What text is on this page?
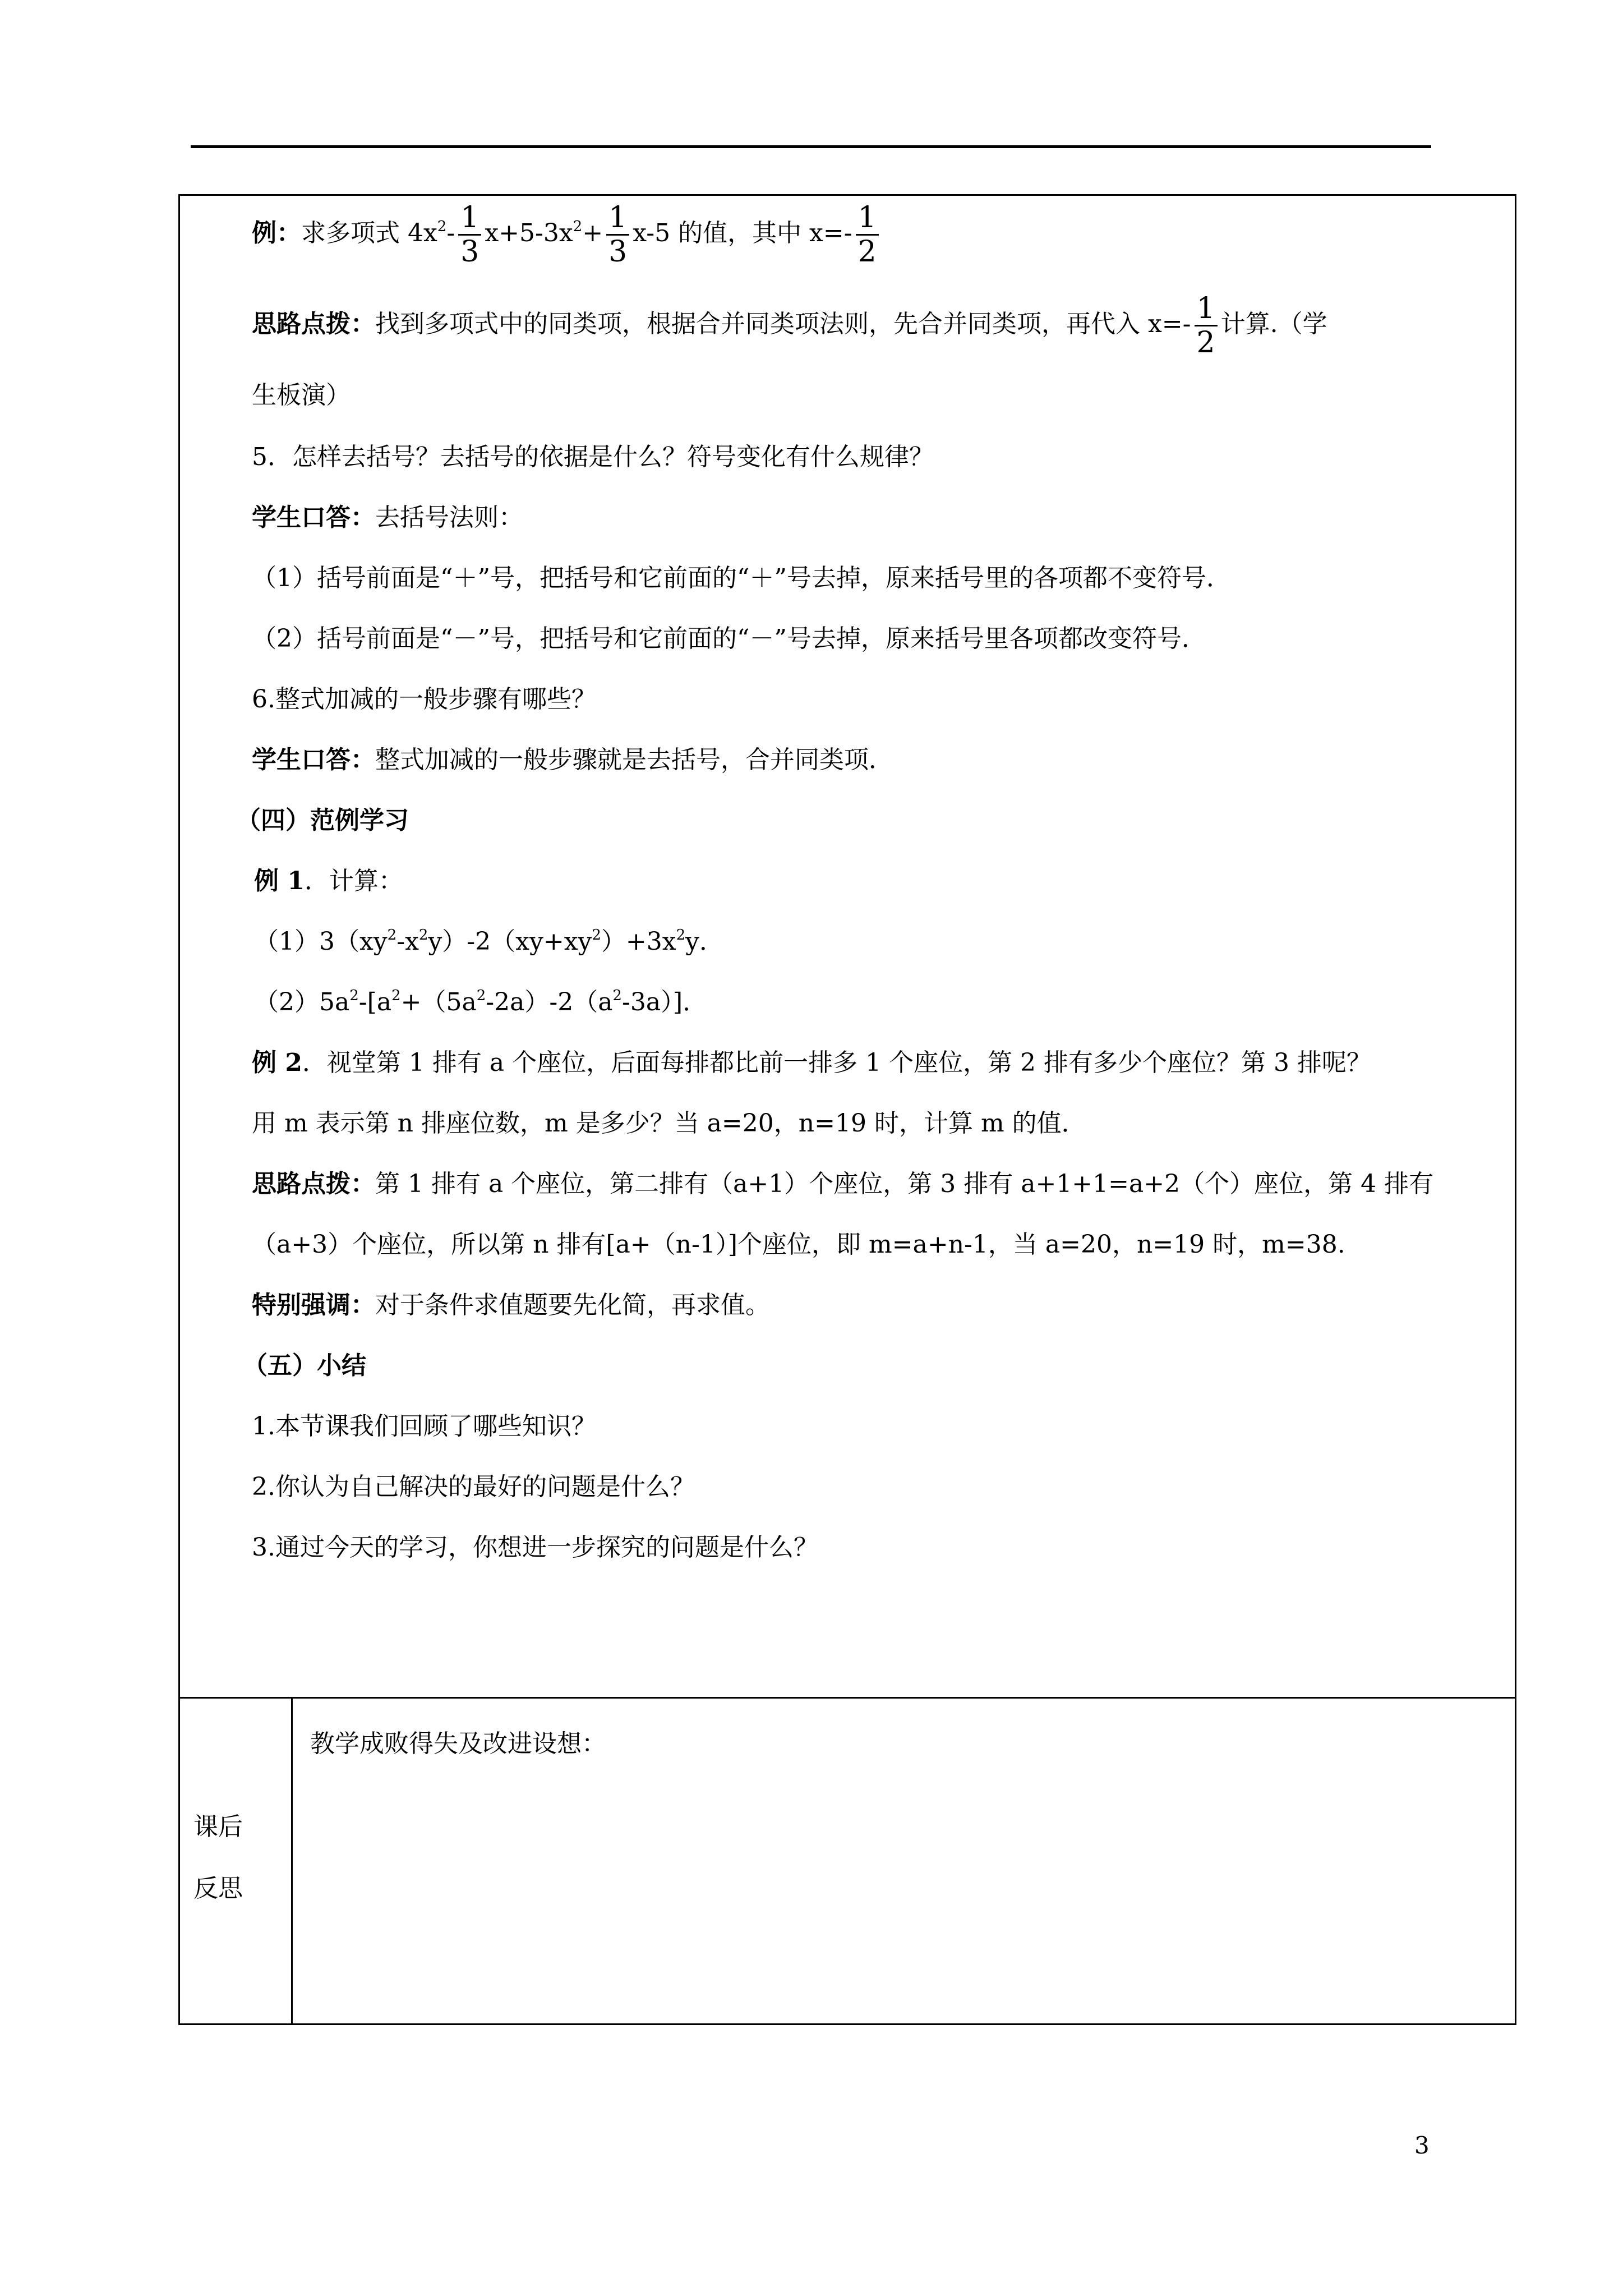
例：求多项式 $4x^2- \frac{1}{3} x+5-3x^2+ \frac{1}{3} x-5$ 的值，其中 $x=- \frac{1}{2}$
思路点拨：找到多项式中的同类项，根据合并同类项法则，先合并同类项，再代入 $x=- \frac{1}{2}$ 计算.（学
生板演）
5．怎样去括号？去括号的依据是什么？符号变化有什么规律？
学生口答：去括号法则：
（1）括号前面是“＋”号，把括号和它前面的“＋”号去掉，原来括号里的各项都不变符号．
（2）括号前面是“－”号，把括号和它前面的“－”号去掉，原来括号里各项都改变符号．
6.整式加减的一般步骤有哪些？
学生口答：整式加减的一般步骤就是去括号，合并同类项．
（四）范例学习
例 1．计算：
$(1)3(xy^2-x^2y)-2(xy+xy^2)+3x^2y$．
$(2)5a^2-[a^2+(5a^2-2a)-2(a^2-3a)]$．
例 2．视堂第 1 排有 a 个座位，后面每排都比前一排多 1 个座位，第 2 排有多少个座位？第 3 排呢？
用 m 表示第 n 排座位数，m 是多少？当 a=20，n=19 时，计算 m 的值．
思路点拨：第 1 排有 a 个座位，第二排有（a+1）个座位，第 3 排有 a+1+1=a+2（个）座位，第 4 排有
（a+3）个座位，所以第 n 排有[a+（n-1）]个座位，即 m=a+n-1，当 a=20，n=19 时，m=38.
特别强调：对于条件求值题要先化简，再求值。
（五）小结
1.本节课我们回顾了哪些知识？
2.你认为自己解决的最好的问题是什么？
3.通过今天的学习，你想进一步探究的问题是什么？
课后
反思
教学成败得失及改进设想：
3
